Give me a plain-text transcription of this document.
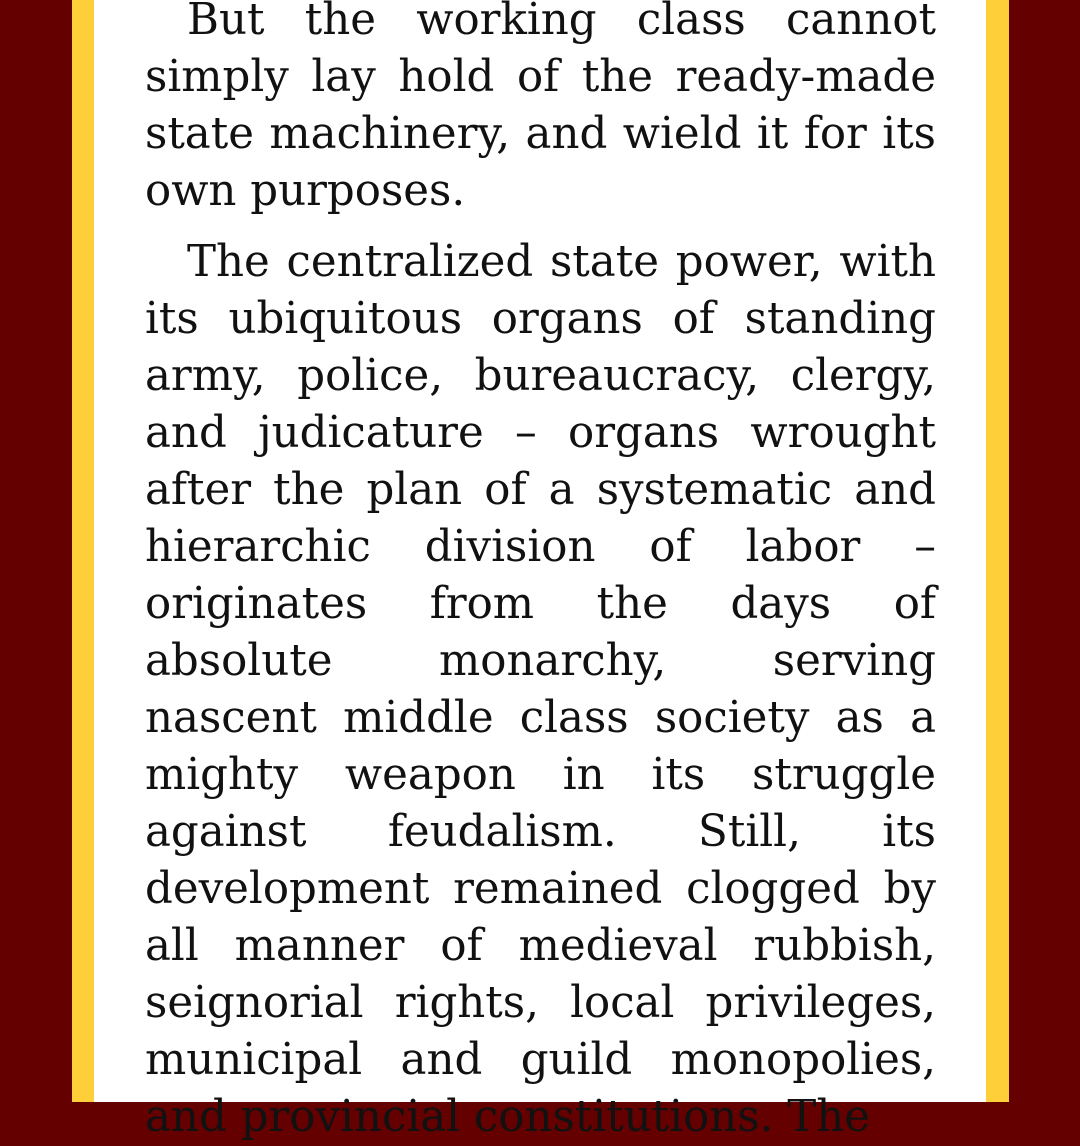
But the working class cannot simply lay hold of the ready-made state machinery, and wield it for its own purposes.

The centralized state power, with its ubiquitous organs of standing army, police, bureaucracy, clergy, and judicature – organs wrought after the plan of a systematic and hierarchic division of labor – originates from the days of absolute monarchy, serving nascent middle class society as a mighty weapon in its struggle against feudalism. Still, its development remained clogged by all manner of medieval rubbish, seignorial rights, local privileges, municipal and guild monopolies, and provincial constitutions. The
